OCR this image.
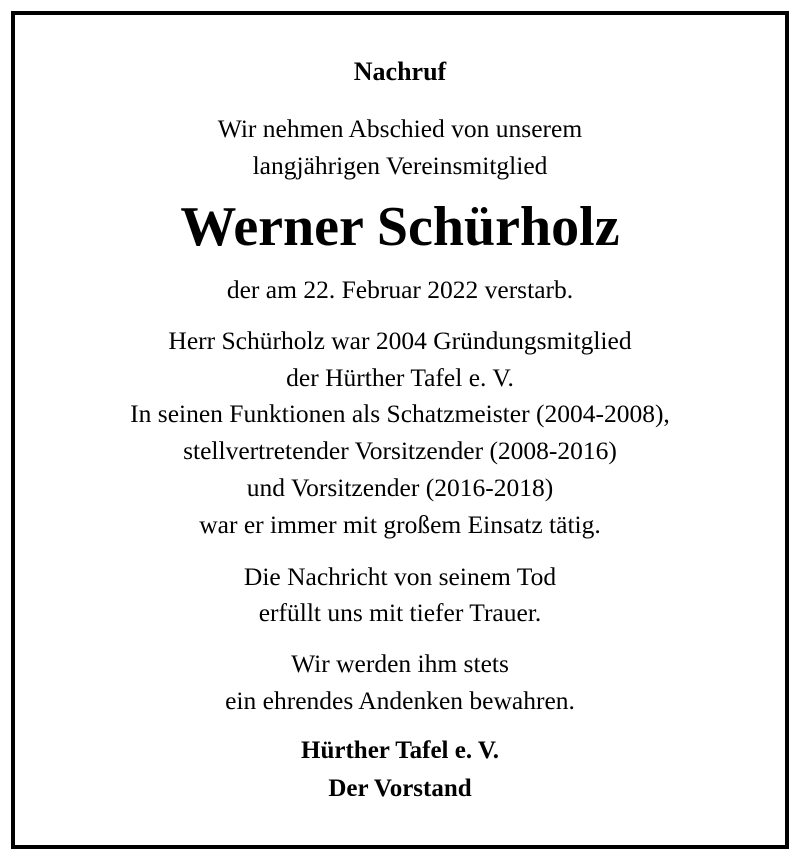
Nachruf
Wir nehmen Abschied von unserem
langjährigen Vereinsmitglied
Werner Schürholz
der am 22. Februar 2022 verstarb.
Herr Schürholz war 2004 Gründungsmitglied
der Hürther Tafel e. V.
In seinen Funktionen als Schatzmeister (2004-2008),
stellvertretender Vorsitzender (2008-2016)
und Vorsitzender (2016-2018)
war er immer mit großem Einsatz tätig.
Die Nachricht von seinem Tod
erfüllt uns mit tiefer Trauer.
Wir werden ihm stets
ein ehrendes Andenken bewahren.
Hürther Tafel e. V.
Der Vorstand
